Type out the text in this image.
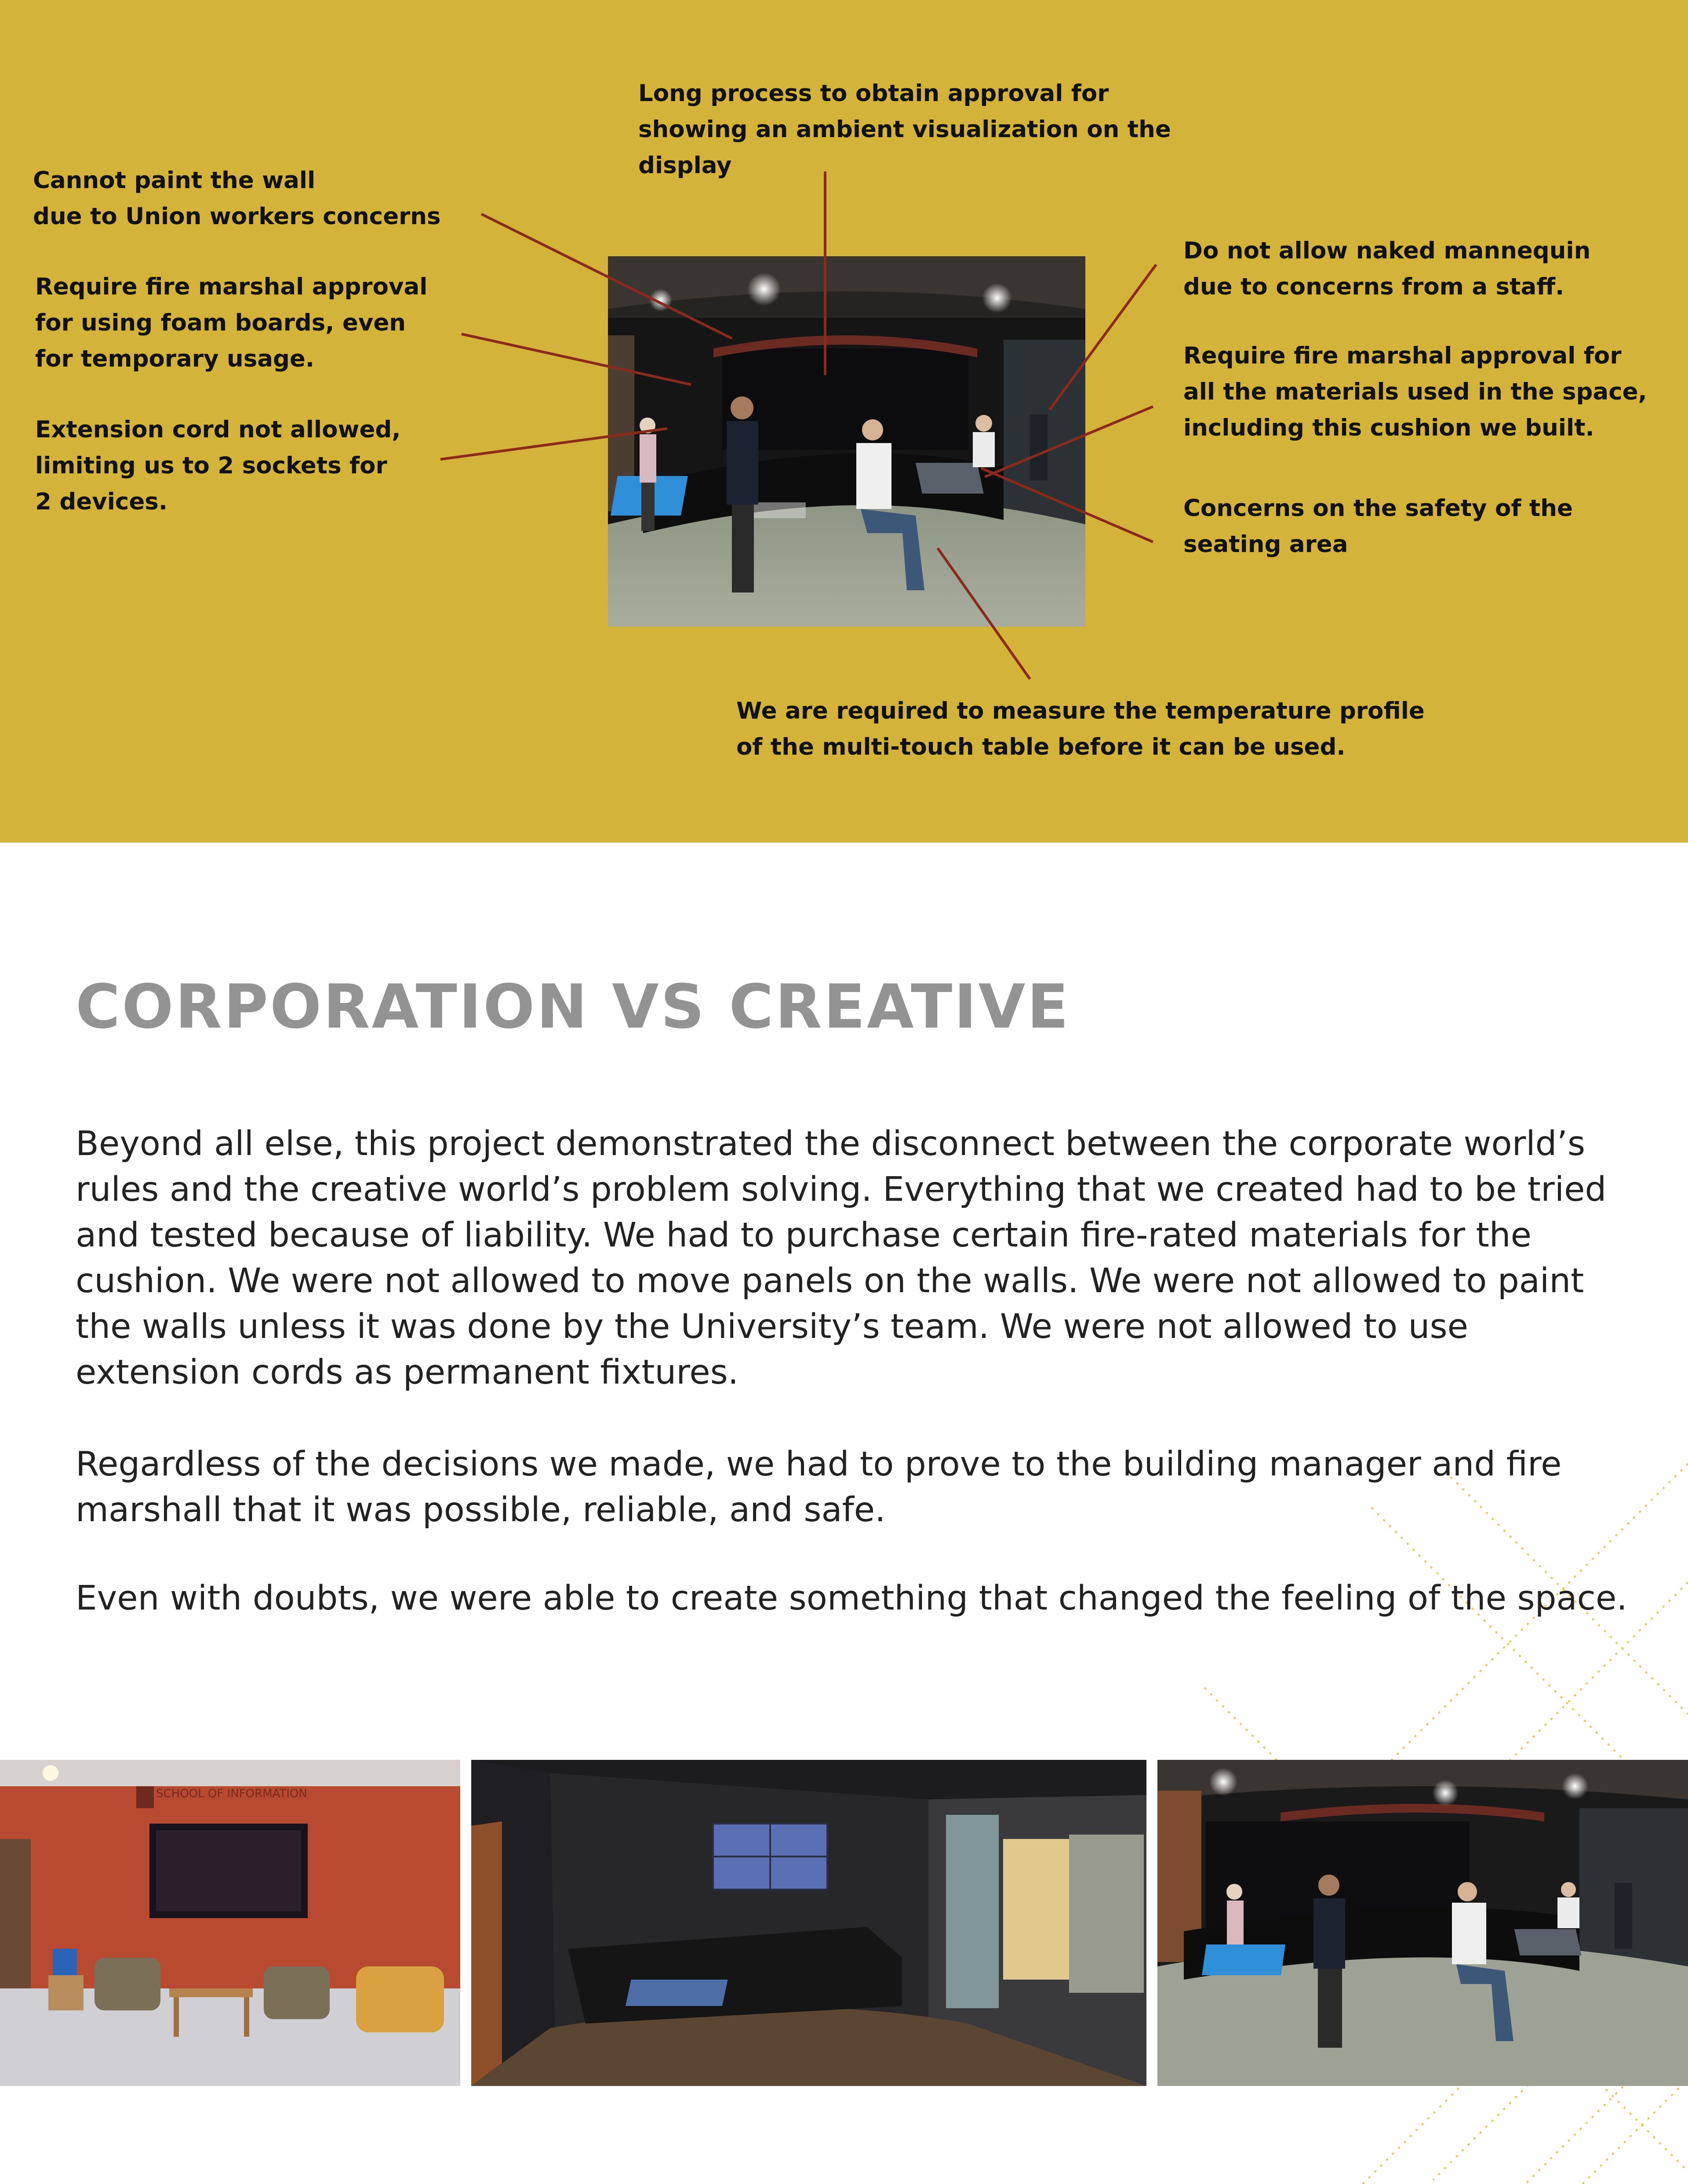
Long process to obtain approval for
showing an ambient visualization on the
display
Cannot paint the wall
due to Union workers concerns
Require fire marshal approval
for using foam boards, even
for temporary usage.
Extension cord not allowed,
limiting us to 2 sockets for
2 devices.
Do not allow naked mannequin
due to concerns from a staff.
Require fire marshal approval for
all the materials used in the space,
including this cushion we built.
Concerns on the safety of the
seating area
We are required to measure the temperature profile
of the multi-touch table before it can be used.
CORPORATION VS CREATIVE

Beyond all else, this project demonstrated the disconnect between the corporate world’s rules and the creative world’s problem solving. Everything that we created had to be tried and tested because of liability. We had to purchase certain fire-rated materials for the cushion. We were not allowed to move panels on the walls. We were not allowed to paint the walls unless it was done by the University’s team. We were not allowed to use extension cords as permanent fixtures.

Regardless of the decisions we made, we had to prove to the building manager and fire marshall that it was possible, reliable, and safe.

Even with doubts, we were able to create something that changed the feeling of the space.

SCHOOL OF INFORMATION
